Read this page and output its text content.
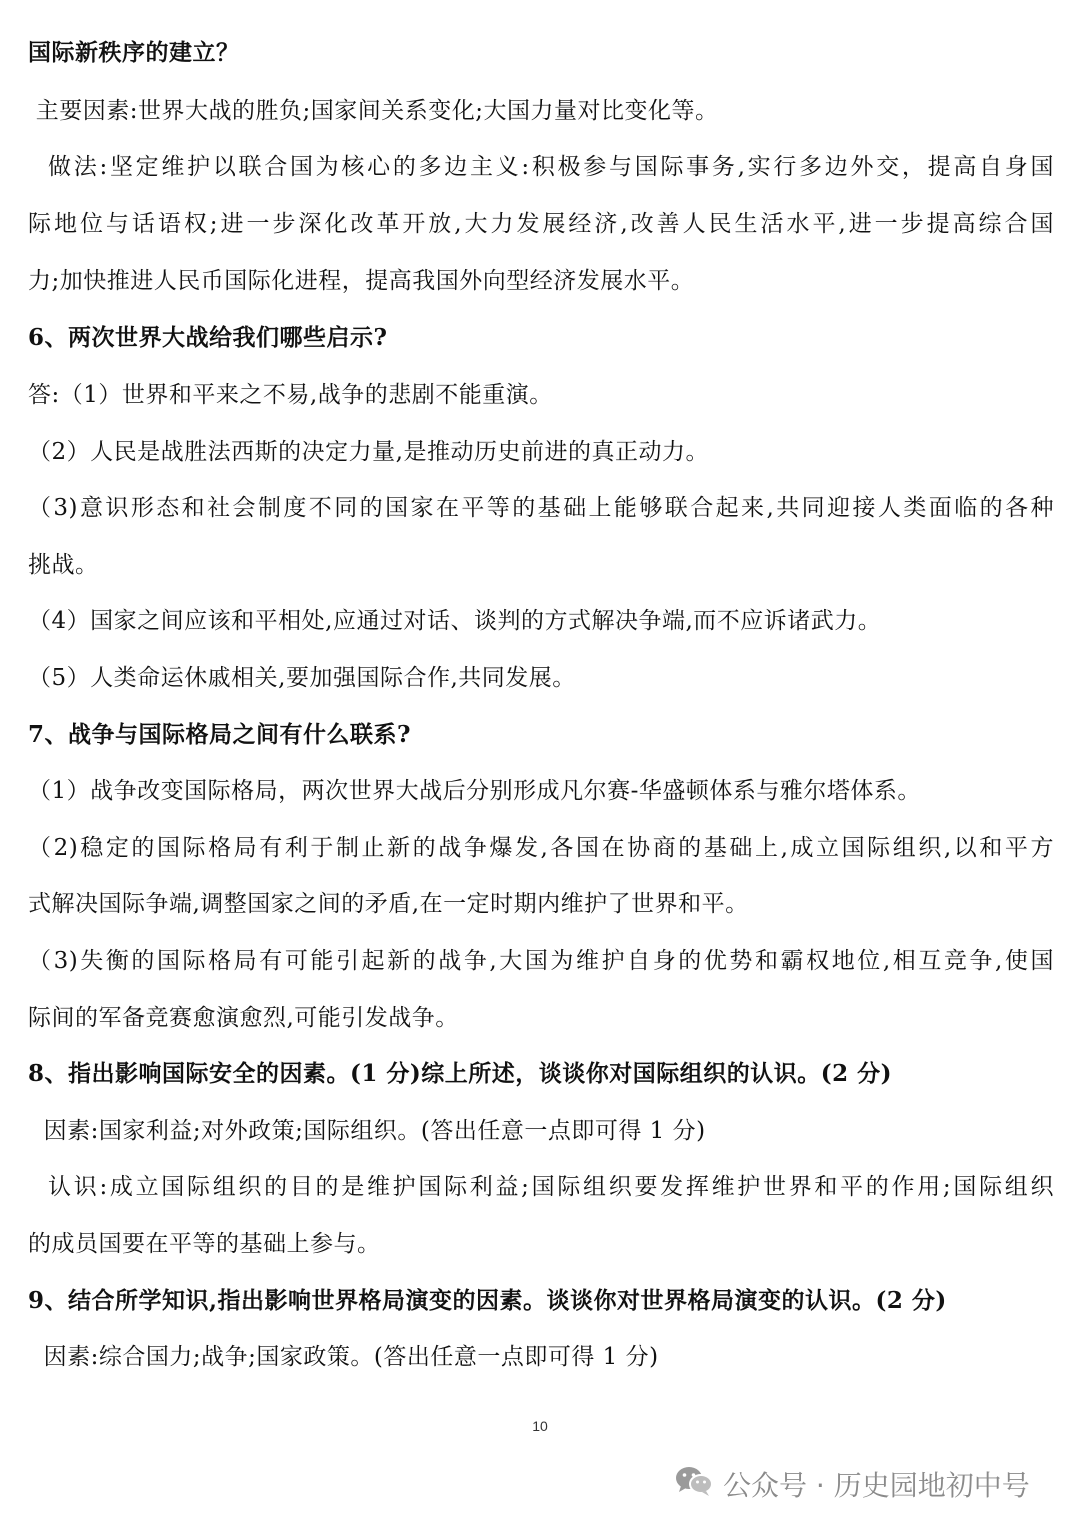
国际新秩序的建立？
主要因素:世界大战的胜负;国家间关系变化;大国力量对比变化等。
做法:坚定维护以联合国为核心的多边主义:积极参与国际事务,实行多边外交，提高自身国
际地位与话语权;进一步深化改革开放,大力发展经济,改善人民生活水平,进一步提高综合国
力;加快推进人民币国际化进程，提高我国外向型经济发展水平。
6、两次世界大战给我们哪些启示?
答:（1）世界和平来之不易,战争的悲剧不能重演。
（2）人民是战胜法西斯的决定力量,是推动历史前进的真正动力。
（3)意识形态和社会制度不同的国家在平等的基础上能够联合起来,共同迎接人类面临的各种
挑战。
（4）国家之间应该和平相处,应通过对话、谈判的方式解决争端,而不应诉诸武力。
（5）人类命运休戚相关,要加强国际合作,共同发展。
7、战争与国际格局之间有什么联系?
（1）战争改变国际格局，两次世界大战后分别形成凡尔赛-华盛顿体系与雅尔塔体系。
（2)稳定的国际格局有利于制止新的战争爆发,各国在协商的基础上,成立国际组织,以和平方
式解决国际争端,调整国家之间的矛盾,在一定时期内维护了世界和平。
（3)失衡的国际格局有可能引起新的战争,大国为维护自身的优势和霸权地位,相互竞争,使国
际间的军备竞赛愈演愈烈,可能引发战争。
8、指出影响国际安全的因素。(1 分)综上所述，谈谈你对国际组织的认识。(2 分)
因素:国家利益;对外政策;国际组织。(答出任意一点即可得 1 分)
认识:成立国际组织的目的是维护国际利益;国际组织要发挥维护世界和平的作用;国际组织
的成员国要在平等的基础上参与。
9、结合所学知识,指出影响世界格局演变的因素。谈谈你对世界格局演变的认识。(2 分)
因素:综合国力;战争;国家政策。(答出任意一点即可得 1 分)
10
公众号 · 历史园地初中号
